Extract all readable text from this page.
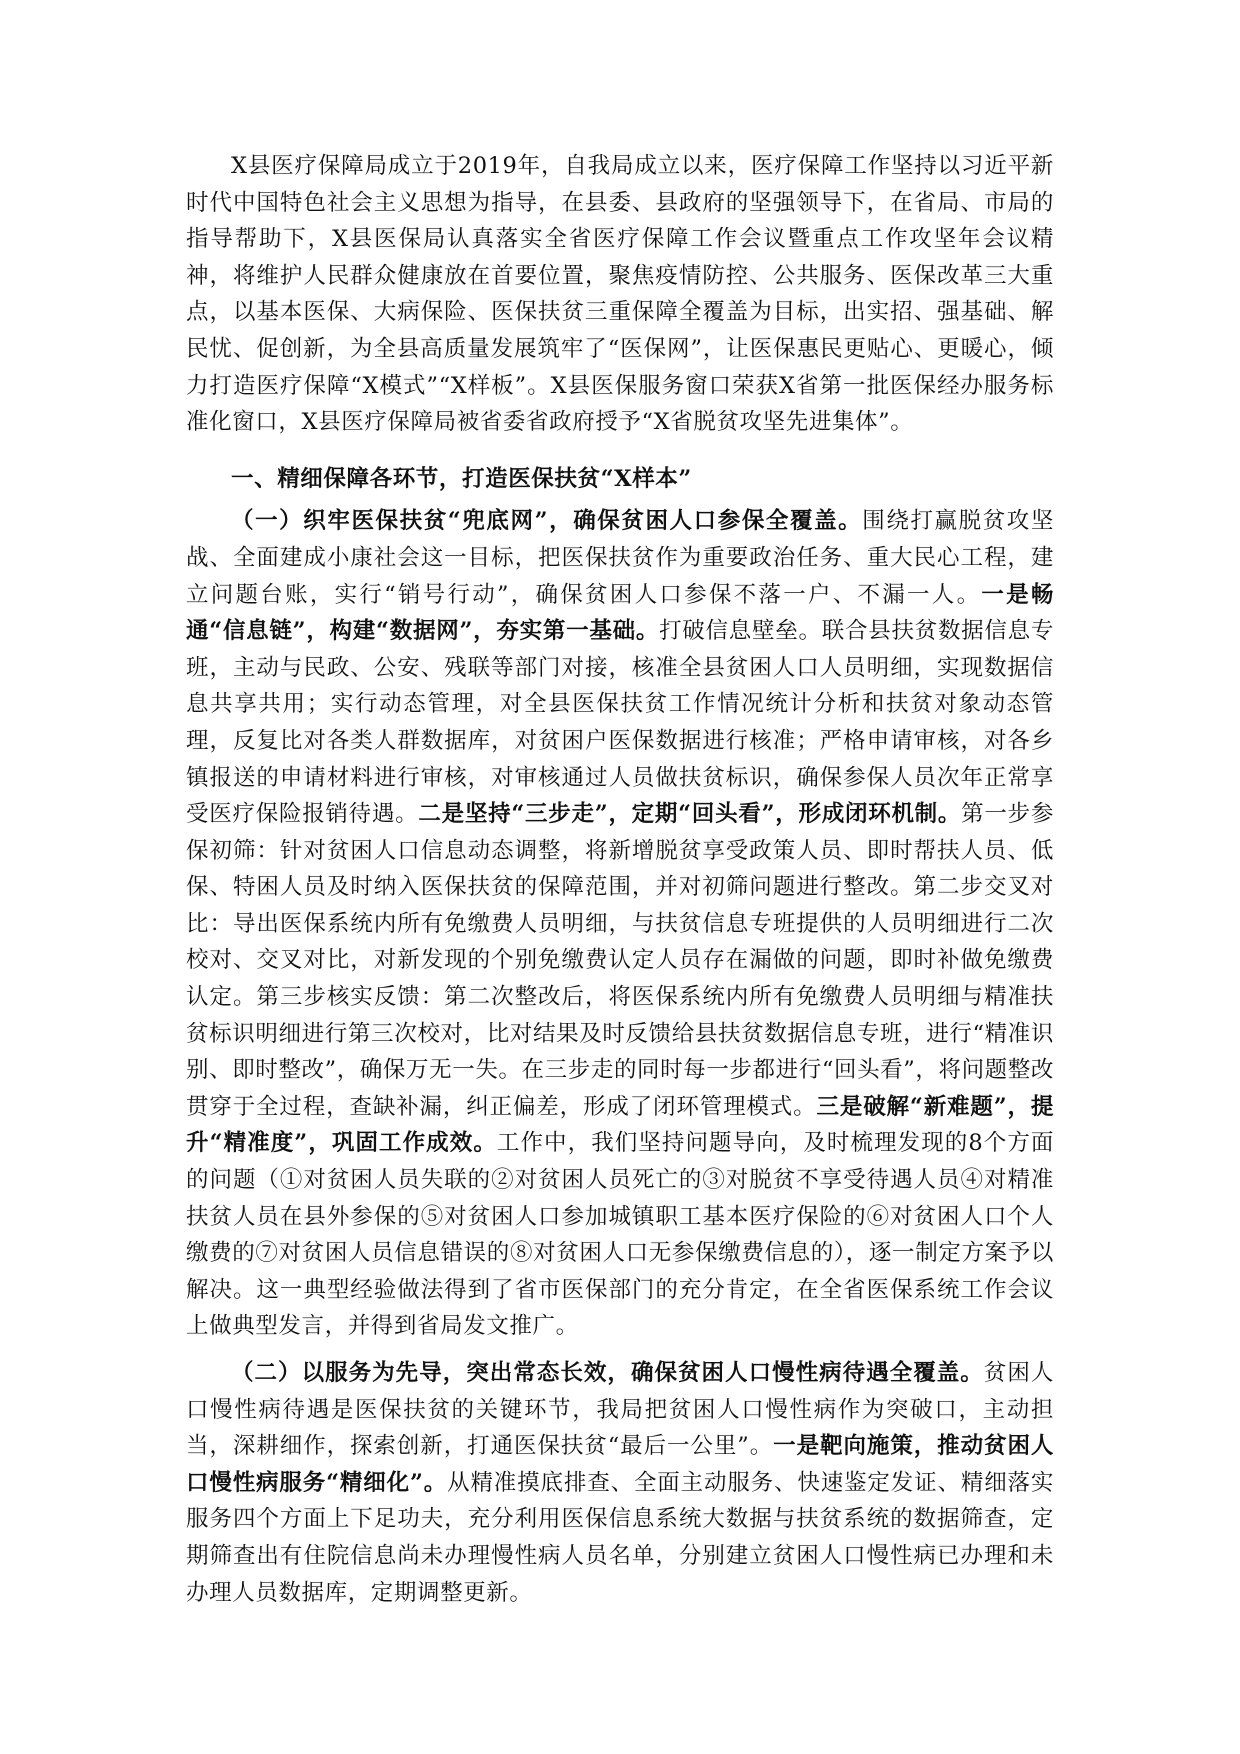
X县医疗保障局成立于2019年，自我局成立以来，医疗保障工作坚持以习近平新时代中国特色社会主义思想为指导，在县委、县政府的坚强领导下，在省局、市局的指导帮助下，X县医保局认真落实全省医疗保障工作会议暨重点工作攻坚年会议精神，将维护人民群众健康放在首要位置，聚焦疫情防控、公共服务、医保改革三大重点，以基本医保、大病保险、医保扶贫三重保障全覆盖为目标，出实招、强基础、解民忧、促创新，为全县高质量发展筑牢了“医保网”，让医保惠民更贴心、更暖心，倾力打造医疗保障“X模式”“X样板”。X县医保服务窗口荣获X省第一批医保经办服务标准化窗口，X县医疗保障局被省委省政府授予“X省脱贫攻坚先进集体”。

一、精细保障各环节，打造医保扶贫“X样本”

（一）织牢医保扶贫“兜底网”，确保贫困人口参保全覆盖。围绕打赢脱贫攻坚战、全面建成小康社会这一目标，把医保扶贫作为重要政治任务、重大民心工程，建立问题台账，实行“销号行动”，确保贫困人口参保不落一户、不漏一人。一是畅通“信息链”，构建“数据网”，夯实第一基础。打破信息壁垒。联合县扶贫数据信息专班，主动与民政、公安、残联等部门对接，核准全县贫困人口人员明细，实现数据信息共享共用；实行动态管理，对全县医保扶贫工作情况统计分析和扶贫对象动态管理，反复比对各类人群数据库，对贫困户医保数据进行核准；严格申请审核，对各乡镇报送的申请材料进行审核，对审核通过人员做扶贫标识，确保参保人员次年正常享受医疗保险报销待遇。二是坚持“三步走”，定期“回头看”，形成闭环机制。第一步参保初筛：针对贫困人口信息动态调整，将新增脱贫享受政策人员、即时帮扶人员、低保、特困人员及时纳入医保扶贫的保障范围，并对初筛问题进行整改。第二步交叉对比：导出医保系统内所有免缴费人员明细，与扶贫信息专班提供的人员明细进行二次校对、交叉对比，对新发现的个别免缴费认定人员存在漏做的问题，即时补做免缴费认定。第三步核实反馈：第二次整改后，将医保系统内所有免缴费人员明细与精准扶贫标识明细进行第三次校对，比对结果及时反馈给县扶贫数据信息专班，进行“精准识别、即时整改”，确保万无一失。在三步走的同时每一步都进行“回头看”，将问题整改贯穿于全过程，查缺补漏，纠正偏差，形成了闭环管理模式。三是破解“新难题”，提升“精准度”，巩固工作成效。工作中，我们坚持问题导向，及时梳理发现的8个方面的问题（①对贫困人员失联的②对贫困人员死亡的③对脱贫不享受待遇人员④对精准扶贫人员在县外参保的⑤对贫困人口参加城镇职工基本医疗保险的⑥对贫困人口个人缴费的⑦对贫困人员信息错误的⑧对贫困人口无参保缴费信息的），逐一制定方案予以解决。这一典型经验做法得到了省市医保部门的充分肯定，在全省医保系统工作会议上做典型发言，并得到省局发文推广。

（二）以服务为先导，突出常态长效，确保贫困人口慢性病待遇全覆盖。贫困人口慢性病待遇是医保扶贫的关键环节，我局把贫困人口慢性病作为突破口，主动担当，深耕细作，探索创新，打通医保扶贫“最后一公里”。一是靶向施策，推动贫困人口慢性病服务“精细化”。从精准摸底排查、全面主动服务、快速鉴定发证、精细落实服务四个方面上下足功夫，充分利用医保信息系统大数据与扶贫系统的数据筛查，定期筛查出有住院信息尚未办理慢性病人员名单，分别建立贫困人口慢性病已办理和未办理人员数据库，定期调整更新。
